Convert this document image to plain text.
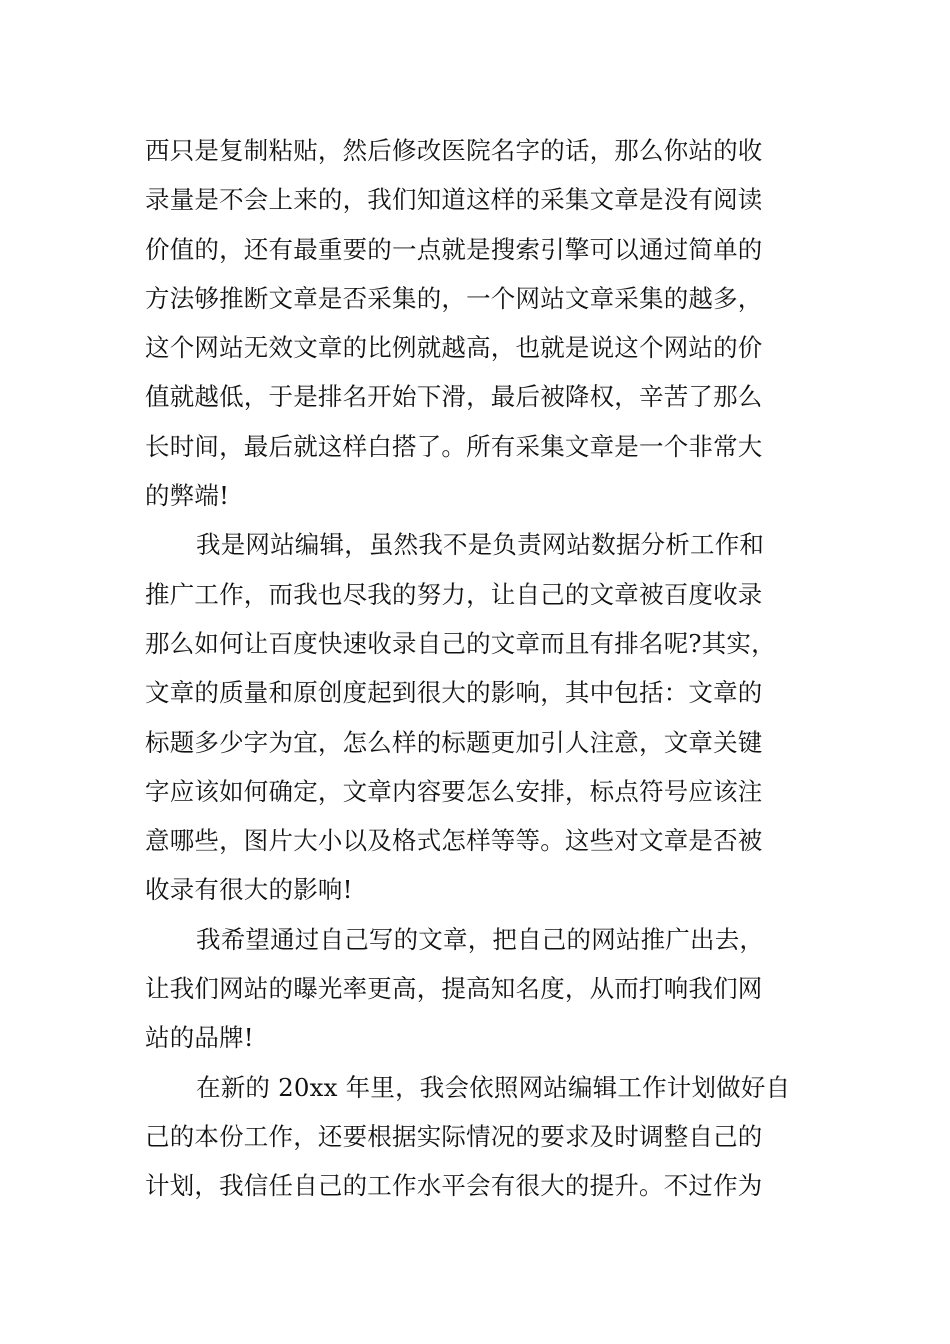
西只是复制粘贴，然后修改医院名字的话，那么你站的收
录量是不会上来的，我们知道这样的采集文章是没有阅读
价值的，还有最重要的一点就是搜索引擎可以通过简单的
方法够推断文章是否采集的，一个网站文章采集的越多，
这个网站无效文章的比例就越高，也就是说这个网站的价
值就越低，于是排名开始下滑，最后被降权，辛苦了那么
长时间，最后就这样白搭了。所有采集文章是一个非常大
的弊端!
我是网站编辑，虽然我不是负责网站数据分析工作和
推广工作，而我也尽我的努力，让自己的文章被百度收录
那么如何让百度快速收录自己的文章而且有排名呢?其实，
文章的质量和原创度起到很大的影响，其中包括：文章的
标题多少字为宜，怎么样的标题更加引人注意，文章关键
字应该如何确定，文章内容要怎么安排，标点符号应该注
意哪些，图片大小以及格式怎样等等。这些对文章是否被
收录有很大的影响!
我希望通过自己写的文章，把自己的网站推广出去，
让我们网站的曝光率更高，提高知名度，从而打响我们网
站的品牌!
在新的 20xx 年里，我会依照网站编辑工作计划做好自
己的本份工作，还要根据实际情况的要求及时调整自己的
计划，我信任自己的工作水平会有很大的提升。不过作为
